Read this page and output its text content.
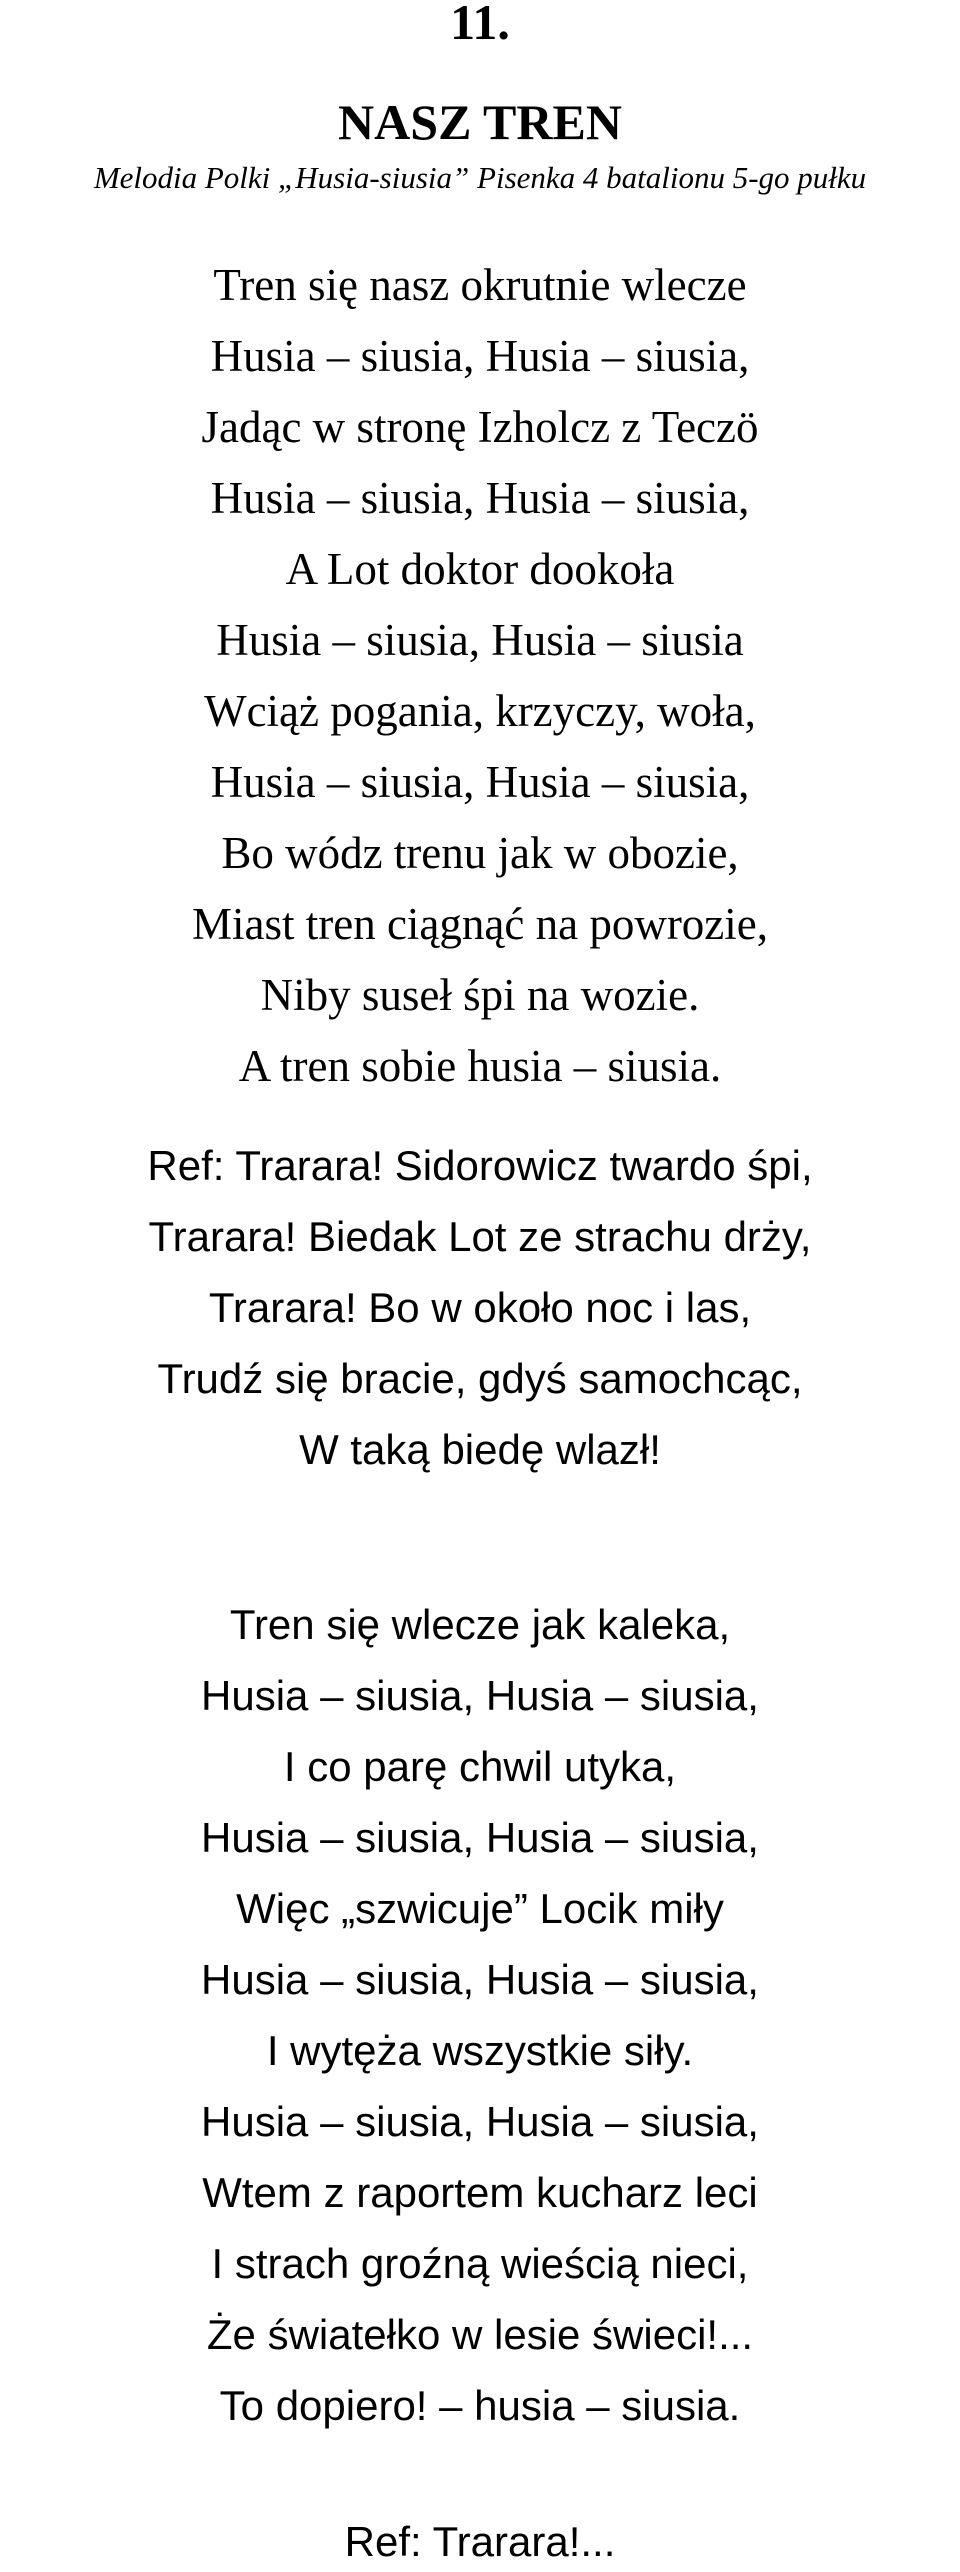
11.
NASZ TREN
Melodia Polki „Husia-siusia” Pisenka 4 batalionu 5-go pułku
Tren się nasz okrutnie wlecze
Husia – siusia, Husia – siusia,
Jadąc w stronę Izholcz z Teczö
Husia – siusia, Husia – siusia,
A Lot doktor dookoła
Husia – siusia, Husia – siusia
Wciąż pogania, krzyczy, woła,
Husia – siusia, Husia – siusia,
Bo wódz trenu jak w obozie,
Miast tren ciągnąć na powrozie,
Niby suseł śpi na wozie.
A tren sobie husia – siusia.
Ref: Trarara! Sidorowicz twardo śpi,
Trarara! Biedak Lot ze strachu drży,
Trarara! Bo w około noc i las,
Trudź się bracie, gdyś samochcąc,
W taką biedę wlazł!
Tren się wlecze jak kaleka,
Husia – siusia, Husia – siusia,
I co parę chwil utyka,
Husia – siusia, Husia – siusia,
Więc „szwicuje” Locik miły
Husia – siusia, Husia – siusia,
I wytęża wszystkie siły.
Husia – siusia, Husia – siusia,
Wtem z raportem kucharz leci
I strach groźną wieścią nieci,
Że światełko w lesie świeci!...
To dopiero! – husia – siusia.
Ref: Trarara!...
